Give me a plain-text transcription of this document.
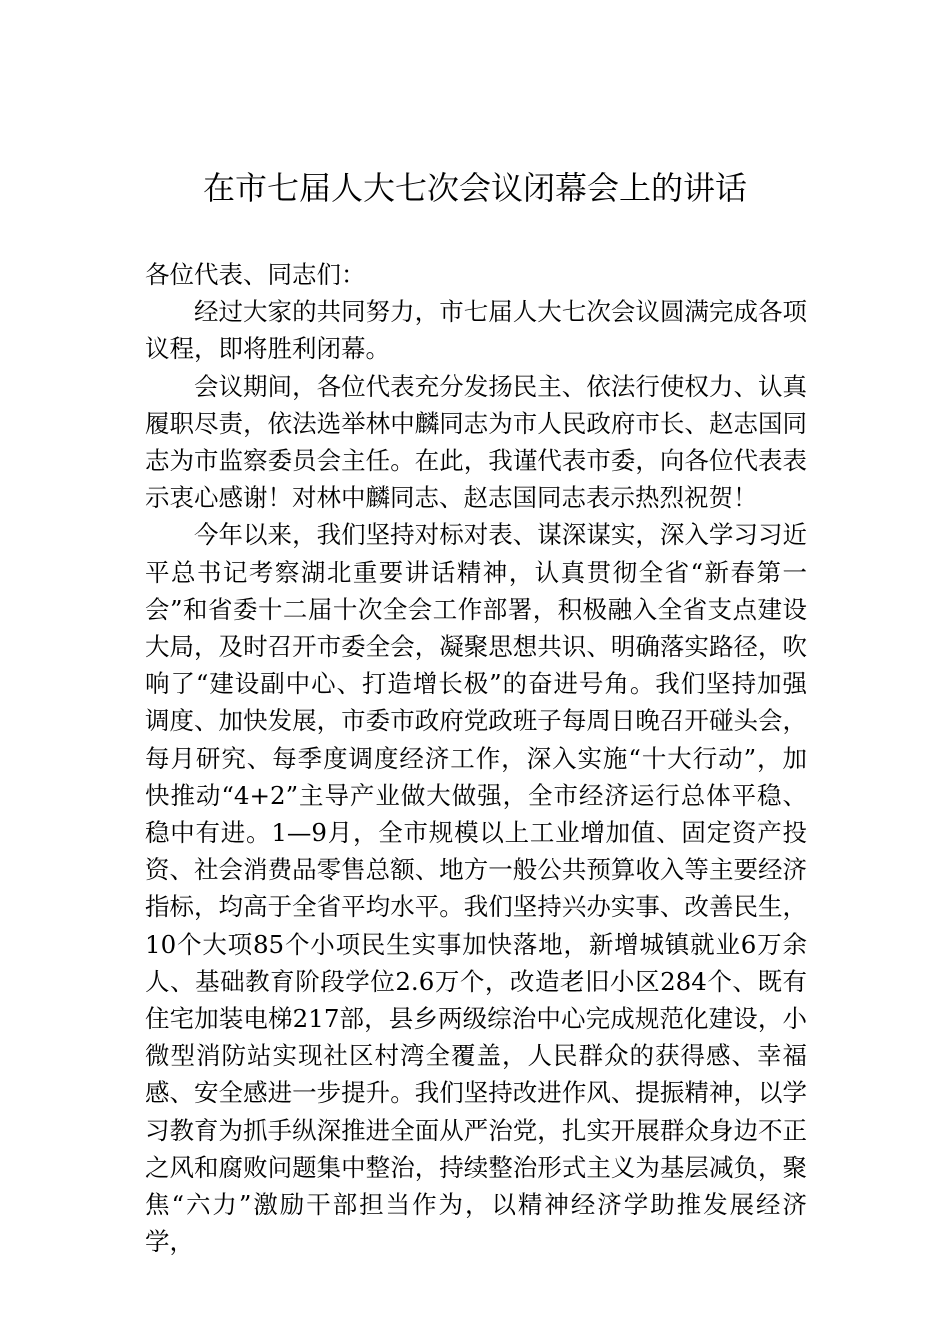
在市七届人大七次会议闭幕会上的讲话

各位代表、同志们：

经过大家的共同努力，市七届人大七次会议圆满完成各项议程，即将胜利闭幕。

会议期间，各位代表充分发扬民主、依法行使权力、认真履职尽责，依法选举林中麟同志为市人民政府市长、赵志国同志为市监察委员会主任。在此，我谨代表市委，向各位代表表示衷心感谢！对林中麟同志、赵志国同志表示热烈祝贺！

今年以来，我们坚持对标对表、谋深谋实，深入学习习近平总书记考察湖北重要讲话精神，认真贯彻全省“新春第一会”和省委十二届十次全会工作部署，积极融入全省支点建设大局，及时召开市委全会，凝聚思想共识、明确落实路径，吹响了“建设副中心、打造增长极”的奋进号角。我们坚持加强调度、加快发展，市委市政府党政班子每周日晚召开碰头会，每月研究、每季度调度经济工作，深入实施“十大行动”，加快推动“4+2”主导产业做大做强，全市经济运行总体平稳、稳中有进。1—9月，全市规模以上工业增加值、固定资产投资、社会消费品零售总额、地方一般公共预算收入等主要经济指标，均高于全省平均水平。我们坚持兴办实事、改善民生，10个大项85个小项民生实事加快落地，新增城镇就业6万余人、基础教育阶段学位2.6万个，改造老旧小区284个、既有住宅加装电梯217部，县乡两级综治中心完成规范化建设，小微型消防站实现社区村湾全覆盖，人民群众的获得感、幸福感、安全感进一步提升。我们坚持改进作风、提振精神，以学习教育为抓手纵深推进全面从严治党，扎实开展群众身边不正之风和腐败问题集中整治，持续整治形式主义为基层减负，聚焦“六力”激励干部担当作为，以精神经济学助推发展经济学，
